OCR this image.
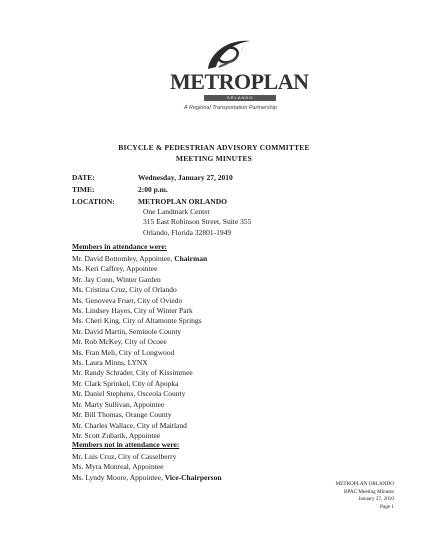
METROPLAN
ORLANDO
A Regional Transportation Partnership
BICYCLE & PEDESTRIAN ADVISORY COMMITTEE
MEETING MINUTES
DATE:	Wednesday, January 27, 2010
TIME:	2:00 p.m.
LOCATION:	METROPLAN ORLANDO
One Landmark Center
315 East Robinson Street, Suite 355
Orlando, Florida 32801-1949
Members in attendance were:
Mr. David Bottomley, Appointee, Chairman
Ms. Keri Caffrey, Appointee
Mr. Jay Conn, Winter Garden
Ms. Cristina Cruz, City of Orlando
Ms. Genoveva Fruet, City of Oviedo
Ms. Lindsey Hayes, City of Winter Park
Ms. Cheri King, City of Altamonte Springs
Mr. David Martin, Seminole County
Mr. Rob McKey, City of Ocoee
Ms. Fran Meli, City of Longwood
Ms. Laura Minns, LYNX
Mr. Randy Schrader, City of Kissimmee
Mr. Clark Sprinkel, City of Apopka
Mr. Daniel Stephens, Osceola County
Mr. Marty Sullivan, Appointee
Mr. Bill Thomas, Orange County
Mr. Charles Wallace, City of Maitland
Mr. Scott Zubarik, Appointee
Members not in attendance were:
Mr. Luis Cruz, City of Casselberry
Ms. Myra Monreal, Appointee
Ms. Lyndy Moore, Appointee, Vice-Chairperson
METROPLAN ORLANDO
BPAC Meeting Minutes
January 27, 2010
Page 1
